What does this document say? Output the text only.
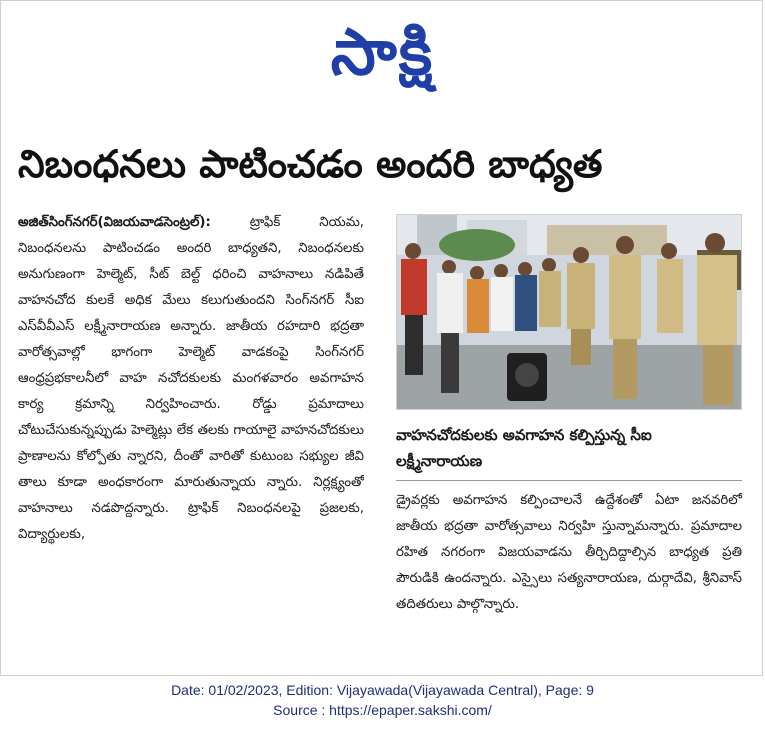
సాక్షి
నిబంధనలు పాటించడం అందరి బాధ్యత
అజిత్‌సింగ్‌నగర్‌(విజయవాడసెంట్రల్‌):	ట్రాఫిక్‌ నియమ, నిబంధనలను పాటించడం అందరి బాధ్యతని, నిబంధనలకు అనుగుణంగా హెల్మెట్‌, సీట్‌ బెల్ట్‌ ధరించి వాహనాలు నడిపితే వాహనచోద కులకే అధిక మేలు కలుగుతుందని సింగ్‌నగర్‌ సీఐ ఎస్‌వీవీఎస్‌ లక్ష్మీనారాయణ అన్నారు. జాతీయ రహదారి భద్రతా వారోత్సవాల్లో భాగంగా హెల్మెట్‌ వాడకంపై సింగ్‌నగర్‌ ఆంధ్రప్రభకాలనీలో వాహ నచోదకులకు మంగళవారం అవగాహన కార్య క్రమాన్ని నిర్వహించారు. రోడ్డు ప్రమాదాలు చోటుచేసుకున్నప్పుడు హెల్మెట్లు లేక తలకు గాయాలై వాహనచోదకులు ప్రాణాలను కోల్పోతు న్నారని, దీంతో వారితో కుటుంబ సభ్యుల జీవి తాలు కూడా అంధకారంగా మారుతున్నాయ న్నారు. నిర్లక్ష్యంతో వాహనాలు నడపొద్దన్నారు. ట్రాఫిక్‌ నిబంధనలపై ప్రజలకు, విద్యార్థులకు,
వాహనచోదకులకు అవగాహన కల్పిస్తున్న సీఐ లక్ష్మీనారాయణ
డ్రైవర్లకు అవగాహన కల్పించాలనే ఉద్దేశంతో ఏటా జనవరిలో జాతీయ భద్రతా వారోత్సవాలు నిర్వహి స్తున్నామన్నారు. ప్రమాదాల రహిత నగరంగా విజయవాడను తీర్చిదిద్దాల్సిన బాధ్యత ప్రతి పౌరుడికి ఉందన్నారు. ఎస్సైలు సత్యనారాయణ, దుర్గాదేవి, శ్రీనివాస్‌ తదితరులు పాల్గొన్నారు.
Date: 01/02/2023, Edition: Vijayawada(Vijayawada Central), Page: 9
Source : https://epaper.sakshi.com/
